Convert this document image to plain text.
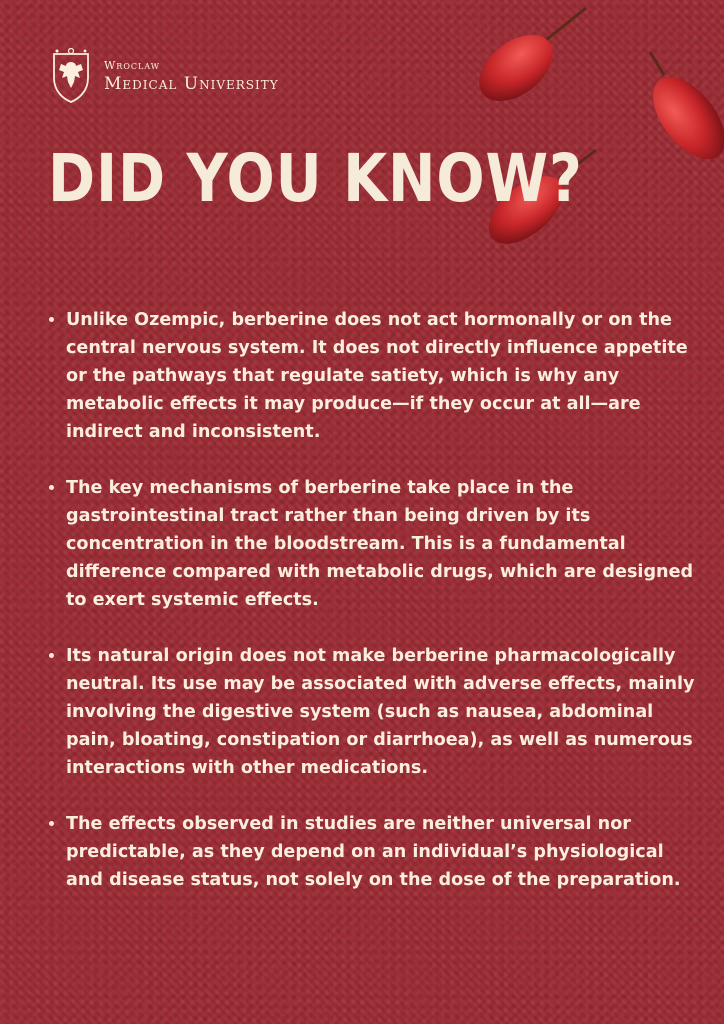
Wroclaw
Medical University
DID YOU KNOW?
• Unlike Ozempic, berberine does not act hormonally or on the central nervous system. It does not directly influence appetite or the pathways that regulate satiety, which is why any metabolic effects it may produce—if they occur at all—are indirect and inconsistent.
• The key mechanisms of berberine take place in the gastrointestinal tract rather than being driven by its concentration in the bloodstream. This is a fundamental difference compared with metabolic drugs, which are designed to exert systemic effects.
• Its natural origin does not make berberine pharmacologically neutral. Its use may be associated with adverse effects, mainly involving the digestive system (such as nausea, abdominal pain, bloating, constipation or diarrhoea), as well as numerous interactions with other medications.
• The effects observed in studies are neither universal nor predictable, as they depend on an individual’s physiological and disease status, not solely on the dose of the preparation.
